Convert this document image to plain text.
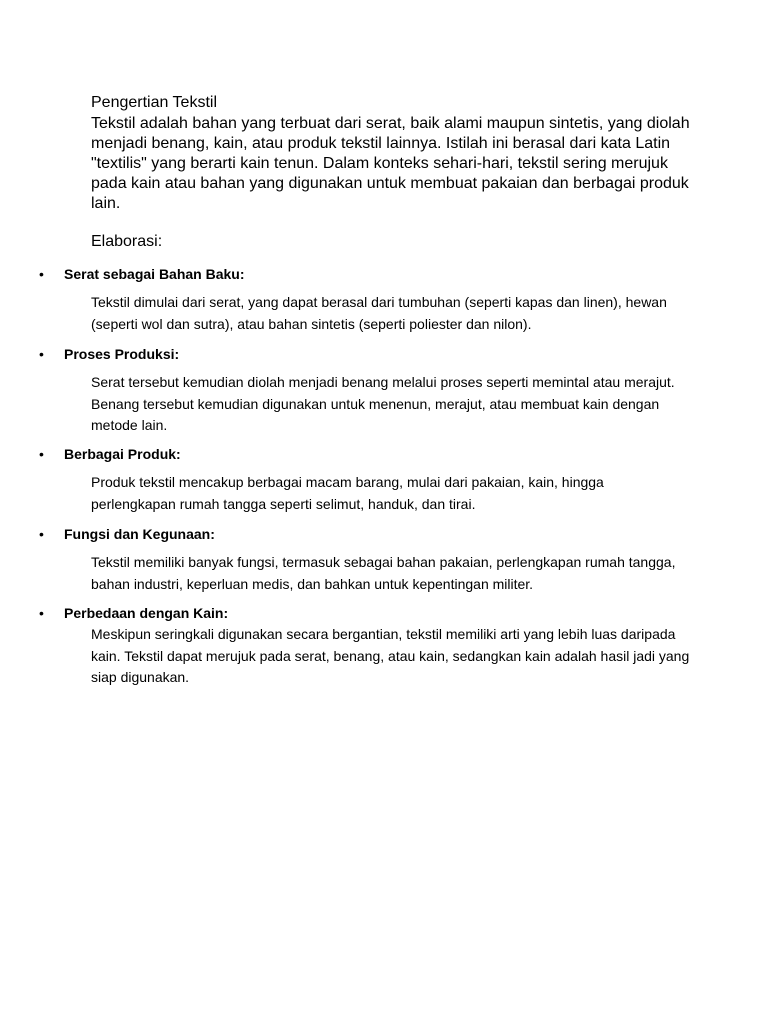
Pengertian Tekstil

Tekstil adalah bahan yang terbuat dari serat, baik alami maupun sintetis, yang diolah menjadi benang, kain, atau produk tekstil lainnya. Istilah ini berasal dari kata Latin "textilis" yang berarti kain tenun. Dalam konteks sehari-hari, tekstil sering merujuk pada kain atau bahan yang digunakan untuk membuat pakaian dan berbagai produk lain.

Elaborasi:

• Serat sebagai Bahan Baku:

Tekstil dimulai dari serat, yang dapat berasal dari tumbuhan (seperti kapas dan linen), hewan (seperti wol dan sutra), atau bahan sintetis (seperti poliester dan nilon).

• Proses Produksi:

Serat tersebut kemudian diolah menjadi benang melalui proses seperti memintal atau merajut. Benang tersebut kemudian digunakan untuk menenun, merajut, atau membuat kain dengan metode lain.

• Berbagai Produk:

Produk tekstil mencakup berbagai macam barang, mulai dari pakaian, kain, hingga perlengkapan rumah tangga seperti selimut, handuk, dan tirai.

• Fungsi dan Kegunaan:

Tekstil memiliki banyak fungsi, termasuk sebagai bahan pakaian, perlengkapan rumah tangga, bahan industri, keperluan medis, dan bahkan untuk kepentingan militer.

• Perbedaan dengan Kain:

Meskipun seringkali digunakan secara bergantian, tekstil memiliki arti yang lebih luas daripada kain. Tekstil dapat merujuk pada serat, benang, atau kain, sedangkan kain adalah hasil jadi yang siap digunakan.
